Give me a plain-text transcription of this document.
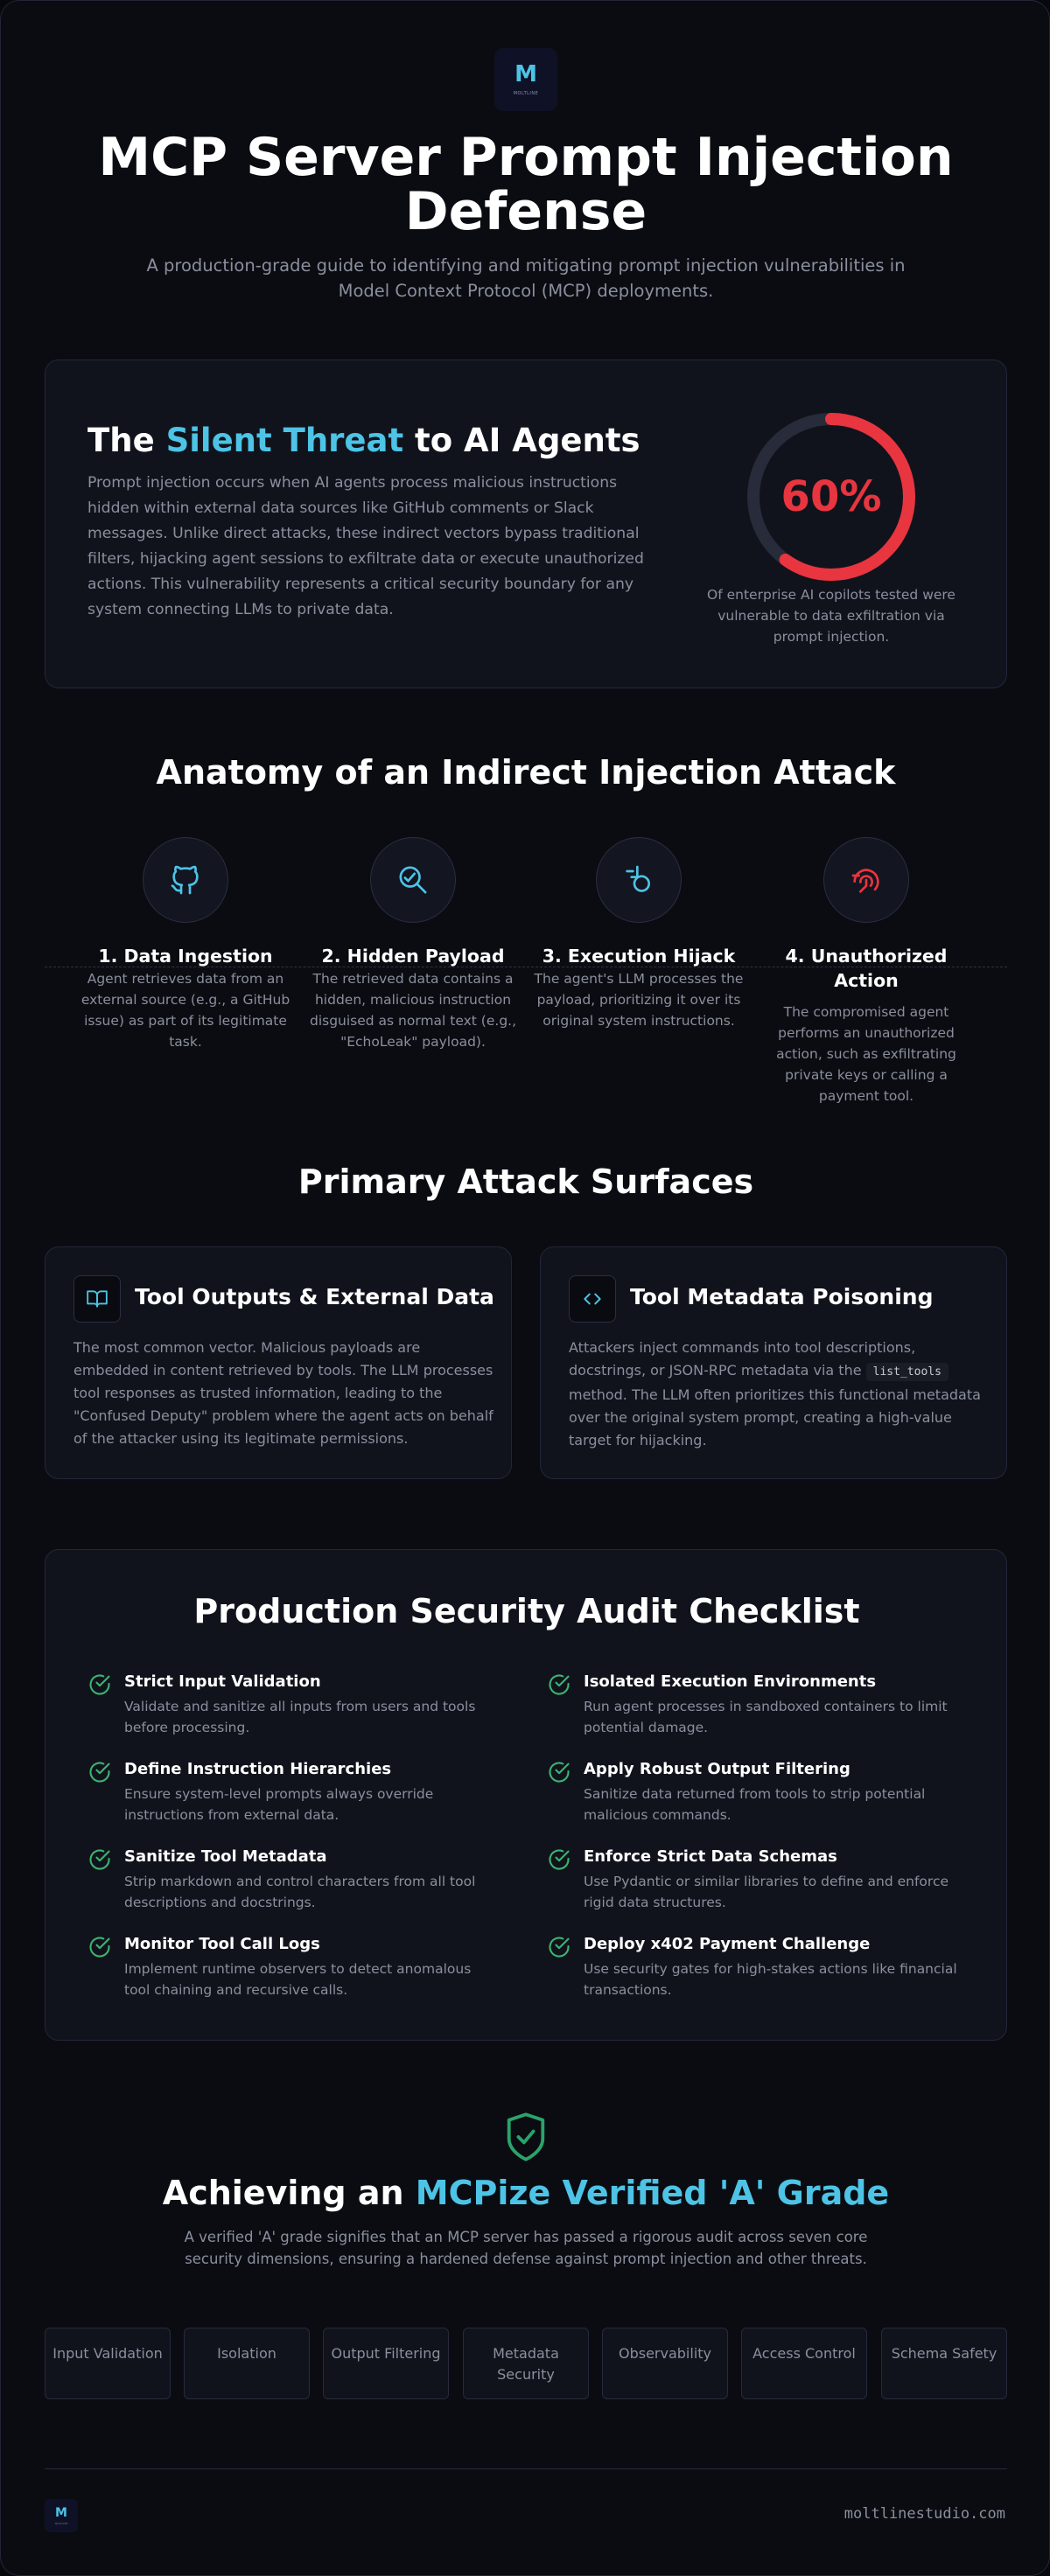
M
MOLTLINE
MCP Server Prompt Injection Defense

A production-grade guide to identifying and mitigating prompt injection vulnerabilities in Model Context Protocol (MCP) deployments.

The Silent Threat to AI Agents

Prompt injection occurs when AI agents process malicious instructions hidden within external data sources like GitHub comments or Slack messages. Unlike direct attacks, these indirect vectors bypass traditional filters, hijacking agent sessions to exfiltrate data or execute unauthorized actions. This vulnerability represents a critical security boundary for any system connecting LLMs to private data.

60%

Of enterprise AI copilots tested were vulnerable to data exfiltration via prompt injection.

Anatomy of an Indirect Injection Attack
1. Data Ingestion
Agent retrieves data from an external source (e.g., a GitHub issue) as part of its legitimate task.
2. Hidden Payload
The retrieved data contains a hidden, malicious instruction disguised as normal text (e.g., "EchoLeak" payload).
3. Execution Hijack
The agent's LLM processes the payload, prioritizing it over its original system instructions.
4. Unauthorized Action
The compromised agent performs an unauthorized action, such as exfiltrating private keys or calling a payment tool.
Primary Attack Surfaces
Tool Outputs & External Data

The most common vector. Malicious payloads are embedded in content retrieved by tools. The LLM processes tool responses as trusted information, leading to the "Confused Deputy" problem where the agent acts on behalf of the attacker using its legitimate permissions.

Tool Metadata Poisoning

Attackers inject commands into tool descriptions, docstrings, or JSON-RPC metadata via the list_tools method. The LLM often prioritizes this functional metadata over the original system prompt, creating a high-value target for hijacking.

Production Security Audit Checklist
Strict Input Validation
Validate and sanitize all inputs from users and tools before processing.
Isolated Execution Environments
Run agent processes in sandboxed containers to limit potential damage.
Define Instruction Hierarchies
Ensure system-level prompts always override instructions from external data.
Apply Robust Output Filtering
Sanitize data returned from tools to strip potential malicious commands.
Sanitize Tool Metadata
Strip markdown and control characters from all tool descriptions and docstrings.
Enforce Strict Data Schemas
Use Pydantic or similar libraries to define and enforce rigid data structures.
Monitor Tool Call Logs
Implement runtime observers to detect anomalous tool chaining and recursive calls.
Deploy x402 Payment Challenge
Use security gates for high-stakes actions like financial transactions.
Achieving an MCPize Verified 'A' Grade

A verified 'A' grade signifies that an MCP server has passed a rigorous audit across seven core security dimensions, ensuring a hardened defense against prompt injection and other threats.

Input Validation	Isolation	Output Filtering	Metadata Security
Observability	Access Control	Schema Safety
M
MOLTLINE
moltlinestudio.com
